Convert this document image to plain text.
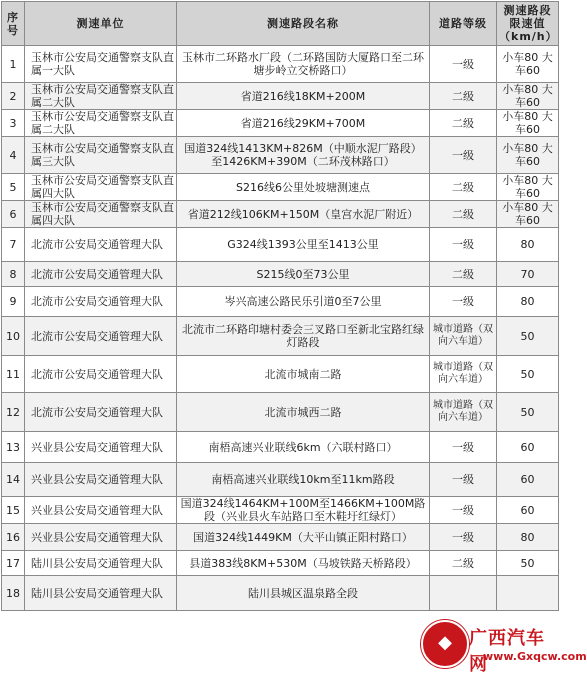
序号	测速单位	测速路段名称	道路等级	测速路段限速值（km/h）
1	玉林市公安局交通警察支队直属一大队	玉林市二环路水厂段（二环路国防大厦路口至二环塘步岭立交桥路口）	一级	小车80 大车60
2	玉林市公安局交通警察支队直属二大队	省道216线18KM+200M	二级	小车80 大车60
3	玉林市公安局交通警察支队直属二大队	省道216线29KM+700M	二级	小车80 大车60
4	玉林市公安局交通警察支队直属三大队	国道324线1413KM+826M（中顺水泥厂路段）至1426KM+390M（二环茂林路口）	一级	小车80 大车60
5	玉林市公安局交通警察支队直属四大队	S216线6公里处坡塘测速点	二级	小车80 大车60
6	玉林市公安局交通警察支队直属四大队	省道212线106KM+150M（皇宫水泥厂附近）	二级	小车80 大车60
7	北流市公安局交通管理大队	G324线1393公里至1413公里	一级	80
8	北流市公安局交通管理大队	S215线0至73公里	二级	70
9	北流市公安局交通管理大队	岑兴高速公路民乐引道0至7公里	一级	80
10	北流市公安局交通管理大队	北流市二环路印塘村委会三叉路口至新北宝路红绿灯路段	城市道路（双向六车道）	50
11	北流市公安局交通管理大队	北流市城南二路	城市道路（双向六车道）	50
12	北流市公安局交通管理大队	北流市城西二路	城市道路（双向六车道）	50
13	兴业县公安局交通管理大队	南梧高速兴业联线6km（六联村路口）	一级	60
14	兴业县公安局交通管理大队	南梧高速兴业联线10km至11km路段	一级	60
15	兴业县公安局交通管理大队	国道324线1464KM+100M至1466KM+100M路段（兴业县火车站路口至木鞋圩红绿灯）	一级	60
16	兴业县公安局交通管理大队	国道324线1449KM（大平山镇正阳村路口）	一级	80
17	陆川县公安局交通管理大队	县道383线8KM+530M（马坡铁路天桥路段）	二级	50
18	陆川县公安局交通管理大队	陆川县城区温泉路全段		
◆ 广西汽车网
www.Gxqcw.com
